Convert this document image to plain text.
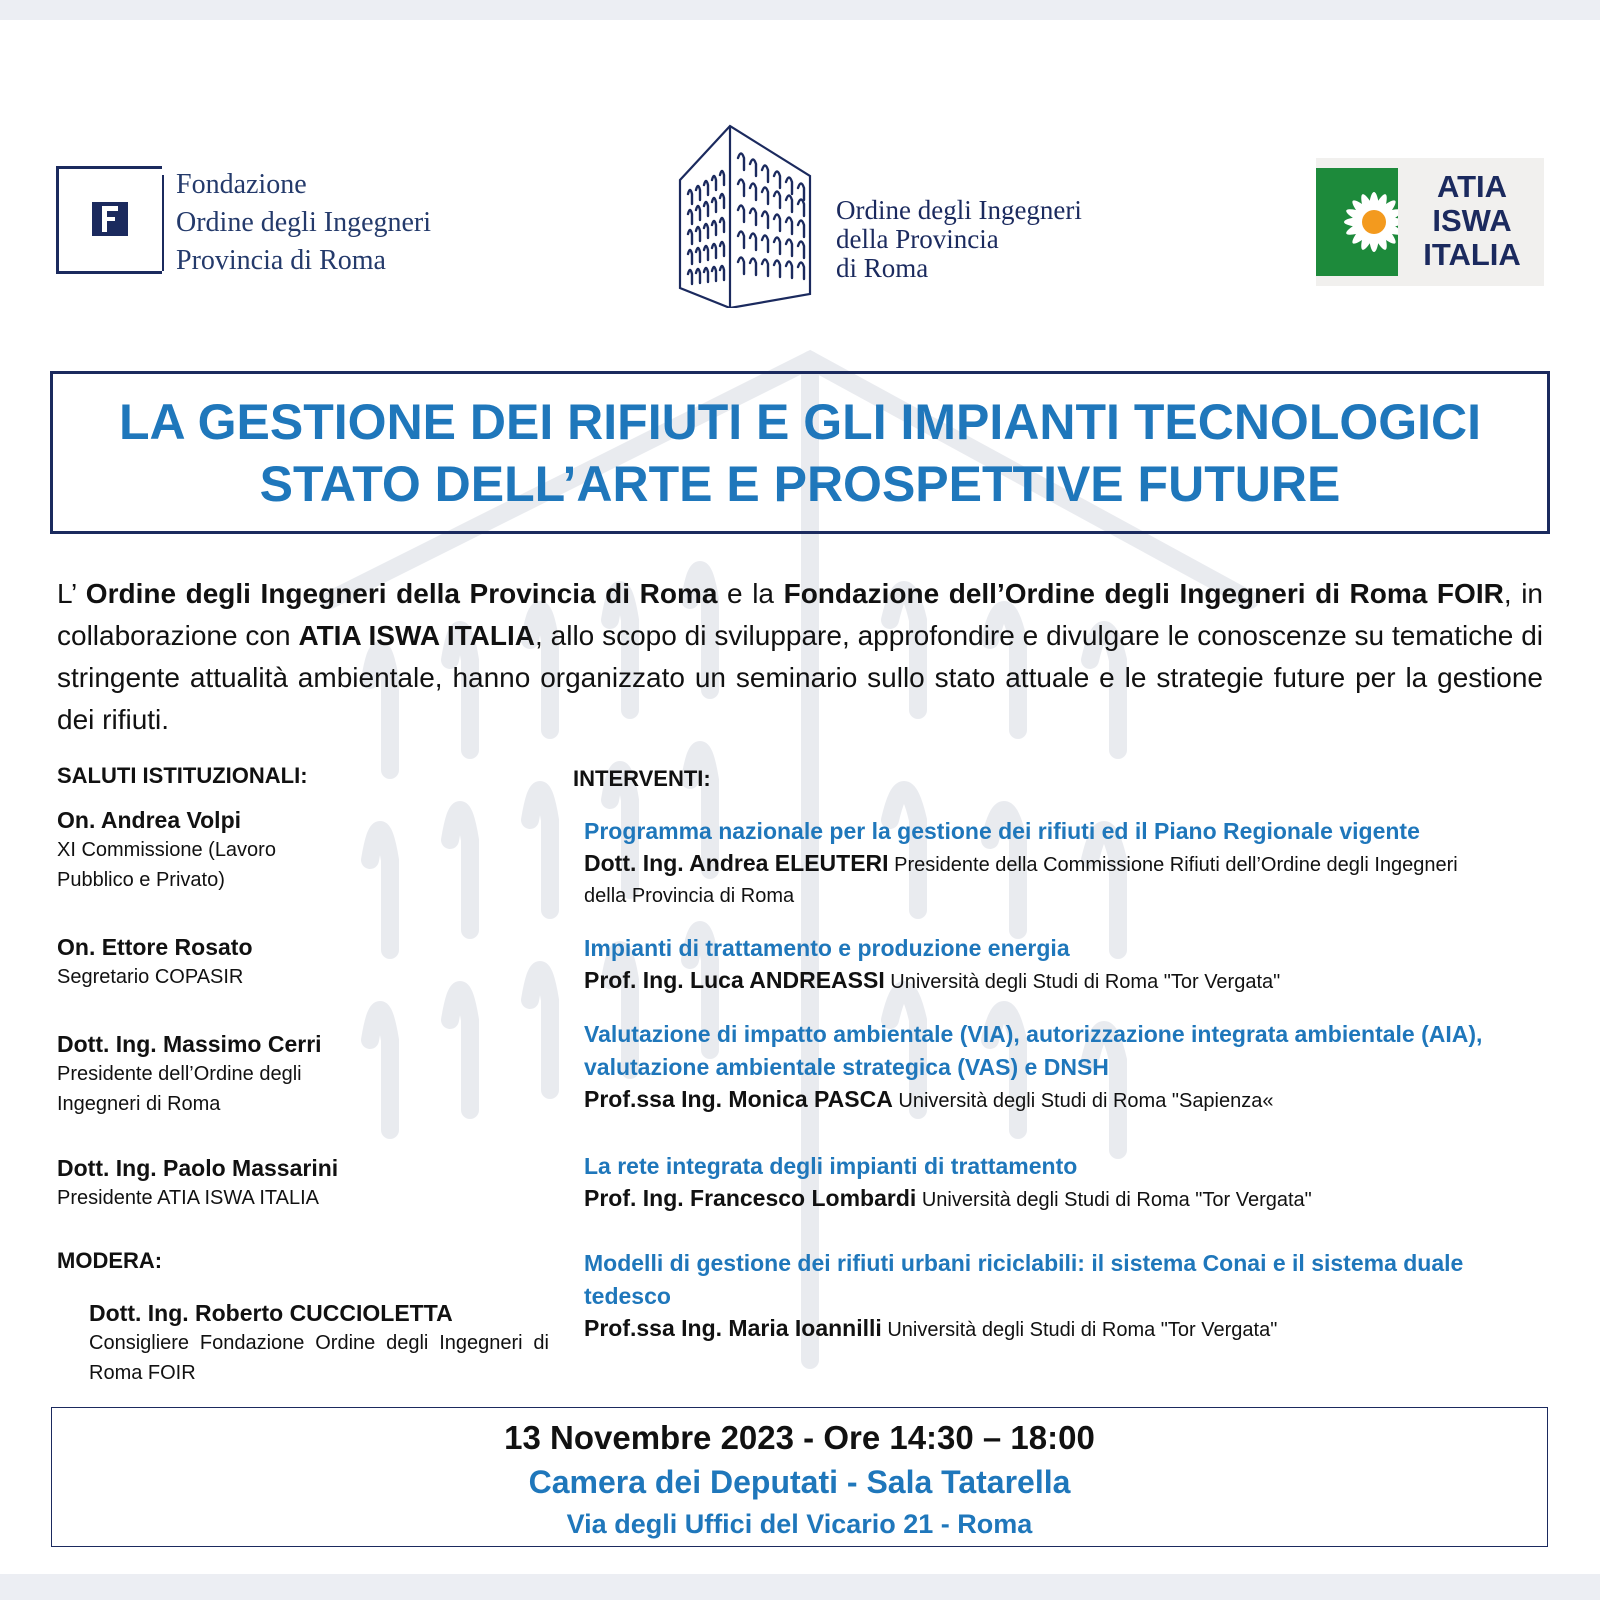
Fondazione
Ordine degli Ingegneri
Provincia di Roma
Ordine degli Ingegneri
della Provincia
di Roma
ATIA
ISWA
ITALIA
LA GESTIONE DEI RIFIUTI E GLI IMPIANTI TECNOLOGICI
STATO DELL’ARTE E PROSPETTIVE FUTURE

L’ Ordine degli Ingegneri della Provincia di Roma e la Fondazione dell’Ordine degli Ingegneri di Roma FOIR, in collaborazione con ATIA ISWA ITALIA, allo scopo di sviluppare, approfondire e divulgare le conoscenze su tematiche di stringente attualità ambientale, hanno organizzato un seminario sullo stato attuale e le strategie future per la gestione dei rifiuti.

SALUTI ISTITUZIONALI:
On. Andrea Volpi
XI Commissione (Lavoro Pubblico e Privato)
On. Ettore Rosato
Segretario COPASIR
Dott. Ing. Massimo Cerri
Presidente dell’Ordine degli Ingegneri di Roma
Dott. Ing. Paolo Massarini
Presidente ATIA ISWA ITALIA
MODERA:
Dott. Ing. Roberto CUCCIOLETTA
Consigliere Fondazione Ordine degli Ingegneri di Roma FOIR
INTERVENTI:
Programma nazionale per la gestione dei rifiuti ed il Piano Regionale vigente
Dott. Ing. Andrea ELEUTERI Presidente della Commissione Rifiuti dell’Ordine degli Ingegneri della Provincia di Roma
Impianti di trattamento e produzione energia
Prof. Ing. Luca ANDREASSI Università degli Studi di Roma "Tor Vergata"
Valutazione di impatto ambientale (VIA), autorizzazione integrata ambientale (AIA), valutazione ambientale strategica (VAS) e DNSH
Prof.ssa Ing. Monica PASCA Università degli Studi di Roma "Sapienza«
La rete integrata degli impianti di trattamento
Prof. Ing. Francesco Lombardi Università degli Studi di Roma "Tor Vergata"
Modelli di gestione dei rifiuti urbani riciclabili: il sistema Conai e il sistema duale tedesco
Prof.ssa Ing. Maria Ioannilli Università degli Studi di Roma "Tor Vergata"
13 Novembre 2023 - Ore 14:30 – 18:00
Camera dei Deputati - Sala Tatarella
Via degli Uffici del Vicario 21 - Roma
